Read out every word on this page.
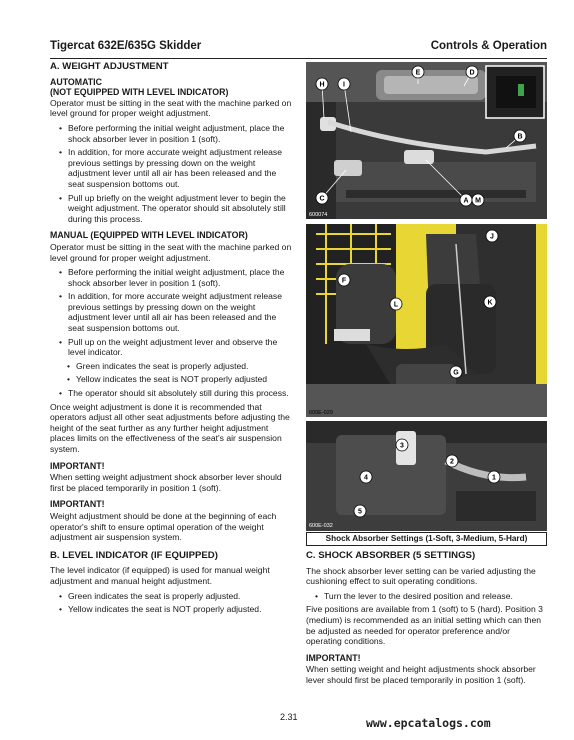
Tigercat 632E/635G Skidder	Controls & Operation
A. WEIGHT ADJUSTMENT
AUTOMATIC
(NOT EQUIPPED WITH LEVEL INDICATOR)

Operator must be sitting in the seat with the machine parked on level ground for proper weight adjustment.

• Before performing the initial weight adjustment, place the shock absorber lever in position 1 (soft).
• In addition, for more accurate weight adjustment release previous settings by pressing down on the weight adjustment lever until all air has been released and the seat suspension bottoms out.
• Pull up briefly on the weight adjustment lever to begin the weight adjustment. The operator should sit absolutely still during this process.
MANUAL (EQUIPPED WITH LEVEL INDICATOR)

Operator must be sitting in the seat with the machine parked on level ground for proper weight adjustment.

• Before performing the initial weight adjustment, place the shock absorber lever in position 1 (soft).
• In addition, for more accurate weight adjustment release previous settings by pressing down on the weight adjustment lever until all air has been released and the seat suspension bottoms out.
• Pull up on the weight adjustment lever and observe the level indicator.
• Green indicates the seat is properly adjusted.
• Yellow indicates the seat is NOT properly adjusted
• The operator should sit absolutely still during this process.

Once weight adjustment is done it is recommended that operators adjust all other seat adjustments before adjusting the height of the seat further as any further height adjustment places limits on the effectiveness of the seat's air suspension system.

IMPORTANT!

When setting weight adjustment shock absorber lever should first be placed temporarily in position 1 (soft).

IMPORTANT!

Weight adjustment should be done at the beginning of each operator's shift to ensure optimal operation of the weight adjustment air suspension system.

B. LEVEL INDICATOR (IF EQUIPPED)

The level indicator (if equipped) is used for manual weight adjustment and manual height adjustment.

• Green indicates the seat is properly adjusted.
• Yellow indicates the seat is NOT properly adjusted.
H	I
E	D
B
C	A M
600074
J
F
L	K
G
600E-029
3
2
4	1
5
600E-032
Shock Absorber Settings (1-Soft, 3-Medium, 5-Hard)
C. SHOCK ABSORBER (5 SETTINGS)

The shock absorber lever setting can be varied adjusting the cushioning effect to suit operating conditions.

• Turn the lever to the desired position and release.

Five positions are available from 1 (soft) to 5 (hard). Position 3 (medium) is recommended as an initial setting which can then be adjusted as needed for operator preference and/or operating conditions.

IMPORTANT!

When setting weight and height adjustments shock absorber lever should first be placed temporarily in position 1 (soft).

2.31	www.epcatalogs.com
